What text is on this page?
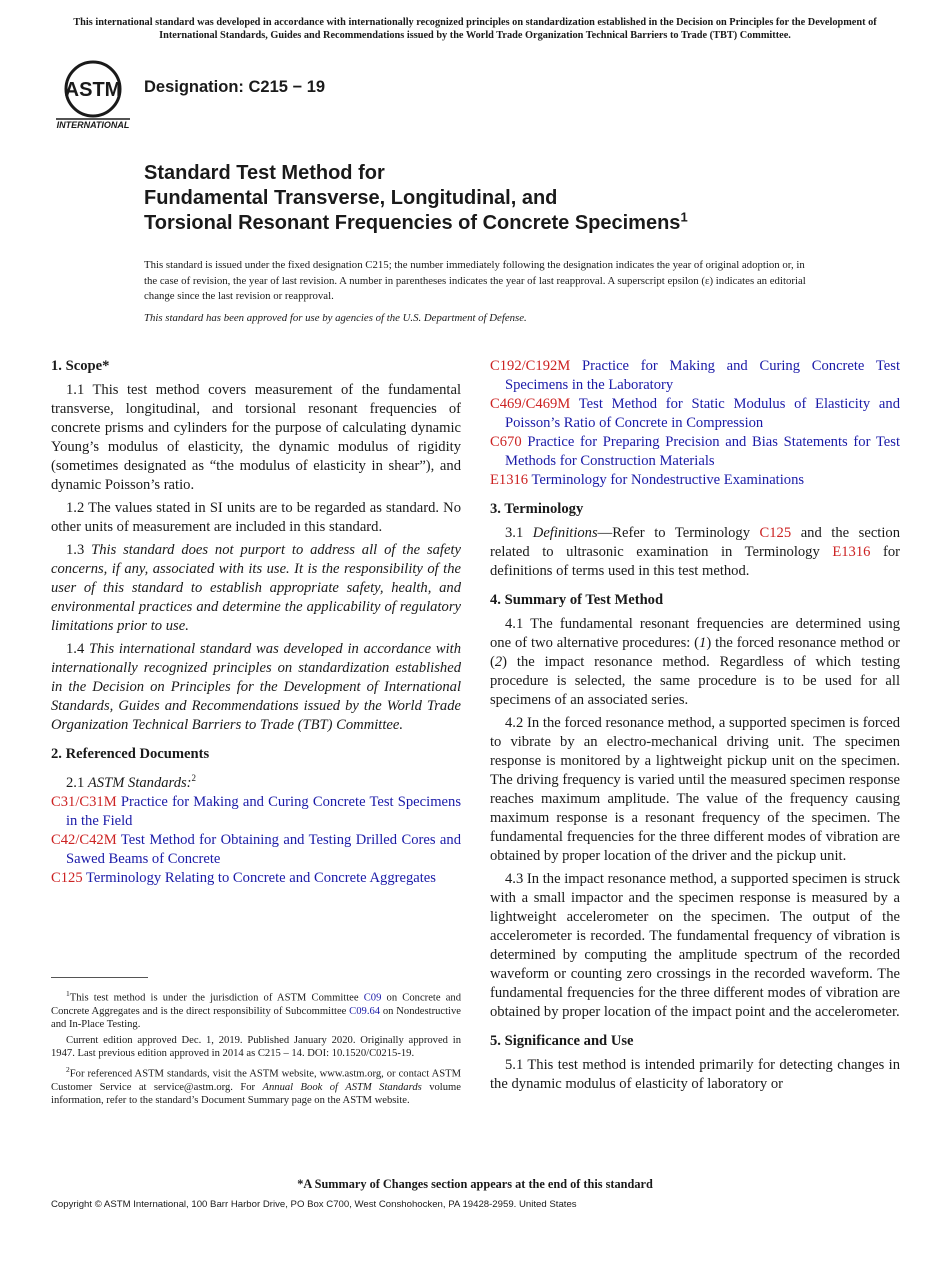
This international standard was developed in accordance with internationally recognized principles on standardization established in the Decision on Principles for the Development of International Standards, Guides and Recommendations issued by the World Trade Organization Technical Barriers to Trade (TBT) Committee.
ASTM
INTERNATIONAL
Designation: C215 − 19
Standard Test Method for
Fundamental Transverse, Longitudinal, and
Torsional Resonant Frequencies of Concrete Specimens$^1$
This standard is issued under the fixed designation C215; the number immediately following the designation indicates the year of original adoption or, in the case of revision, the year of last revision. A number in parentheses indicates the year of last reapproval. A superscript epsilon (ε) indicates an editorial change since the last revision or reapproval.
This standard has been approved for use by agencies of the U.S. Department of Defense.
1. Scope*

1.1 This test method covers measurement of the fundamental transverse, longitudinal, and torsional resonant frequencies of concrete prisms and cylinders for the purpose of calculating dynamic Young’s modulus of elasticity, the dynamic modulus of rigidity (sometimes designated as “the modulus of elasticity in shear”), and dynamic Poisson’s ratio.

1.2 The values stated in SI units are to be regarded as standard. No other units of measurement are included in this standard.

1.3 This standard does not purport to address all of the safety concerns, if any, associated with its use. It is the responsibility of the user of this standard to establish appropriate safety, health, and environmental practices and determine the applicability of regulatory limitations prior to use.

1.4 This international standard was developed in accordance with internationally recognized principles on standardization established in the Decision on Principles for the Development of International Standards, Guides and Recommendations issued by the World Trade Organization Technical Barriers to Trade (TBT) Committee.

2. Referenced Documents
2.1 ASTM Standards:$^2$
C31/C31M Practice for Making and Curing Concrete Test Specimens in the Field
C42/C42M Test Method for Obtaining and Testing Drilled Cores and Sawed Beams of Concrete
C125 Terminology Relating to Concrete and Concrete Aggregates
C192/C192M Practice for Making and Curing Concrete Test Specimens in the Laboratory
C469/C469M Test Method for Static Modulus of Elasticity and Poisson’s Ratio of Concrete in Compression
C670 Practice for Preparing Precision and Bias Statements for Test Methods for Construction Materials
E1316 Terminology for Nondestructive Examinations
3. Terminology

3.1 Definitions—Refer to Terminology C125 and the section related to ultrasonic examination in Terminology E1316 for definitions of terms used in this test method.

4. Summary of Test Method

4.1 The fundamental resonant frequencies are determined using one of two alternative procedures: (1) the forced resonance method or (2) the impact resonance method. Regardless of which testing procedure is selected, the same procedure is to be used for all specimens of an associated series.

4.2 In the forced resonance method, a supported specimen is forced to vibrate by an electro-mechanical driving unit. The specimen response is monitored by a lightweight pickup unit on the specimen. The driving frequency is varied until the measured specimen response reaches maximum amplitude. The value of the frequency causing maximum response is a resonant frequency of the specimen. The fundamental frequencies for the three different modes of vibration are obtained by proper location of the driver and the pickup unit.

4.3 In the impact resonance method, a supported specimen is struck with a small impactor and the specimen response is measured by a lightweight accelerometer on the specimen. The output of the accelerometer is recorded. The fundamental frequency of vibration is determined by computing the amplitude spectrum of the recorded waveform or counting zero crossings in the recorded waveform. The fundamental frequencies for the three different modes of vibration are obtained by proper location of the impact point and the accelerometer.

5. Significance and Use

5.1 This test method is intended primarily for detecting changes in the dynamic modulus of elasticity of laboratory or

$^1$This test method is under the jurisdiction of ASTM Committee C09 on Concrete and Concrete Aggregates and is the direct responsibility of Subcommittee C09.64 on Nondestructive and In-Place Testing.
Current edition approved Dec. 1, 2019. Published January 2020. Originally approved in 1947. Last previous edition approved in 2014 as C215 – 14. DOI: 10.1520/C0215-19.
$^2$For referenced ASTM standards, visit the ASTM website, www.astm.org, or contact ASTM Customer Service at service@astm.org. For Annual Book of ASTM Standards volume information, refer to the standard’s Document Summary page on the ASTM website.
*A Summary of Changes section appears at the end of this standard
Copyright © ASTM International, 100 Barr Harbor Drive, PO Box C700, West Conshohocken, PA 19428-2959. United States
